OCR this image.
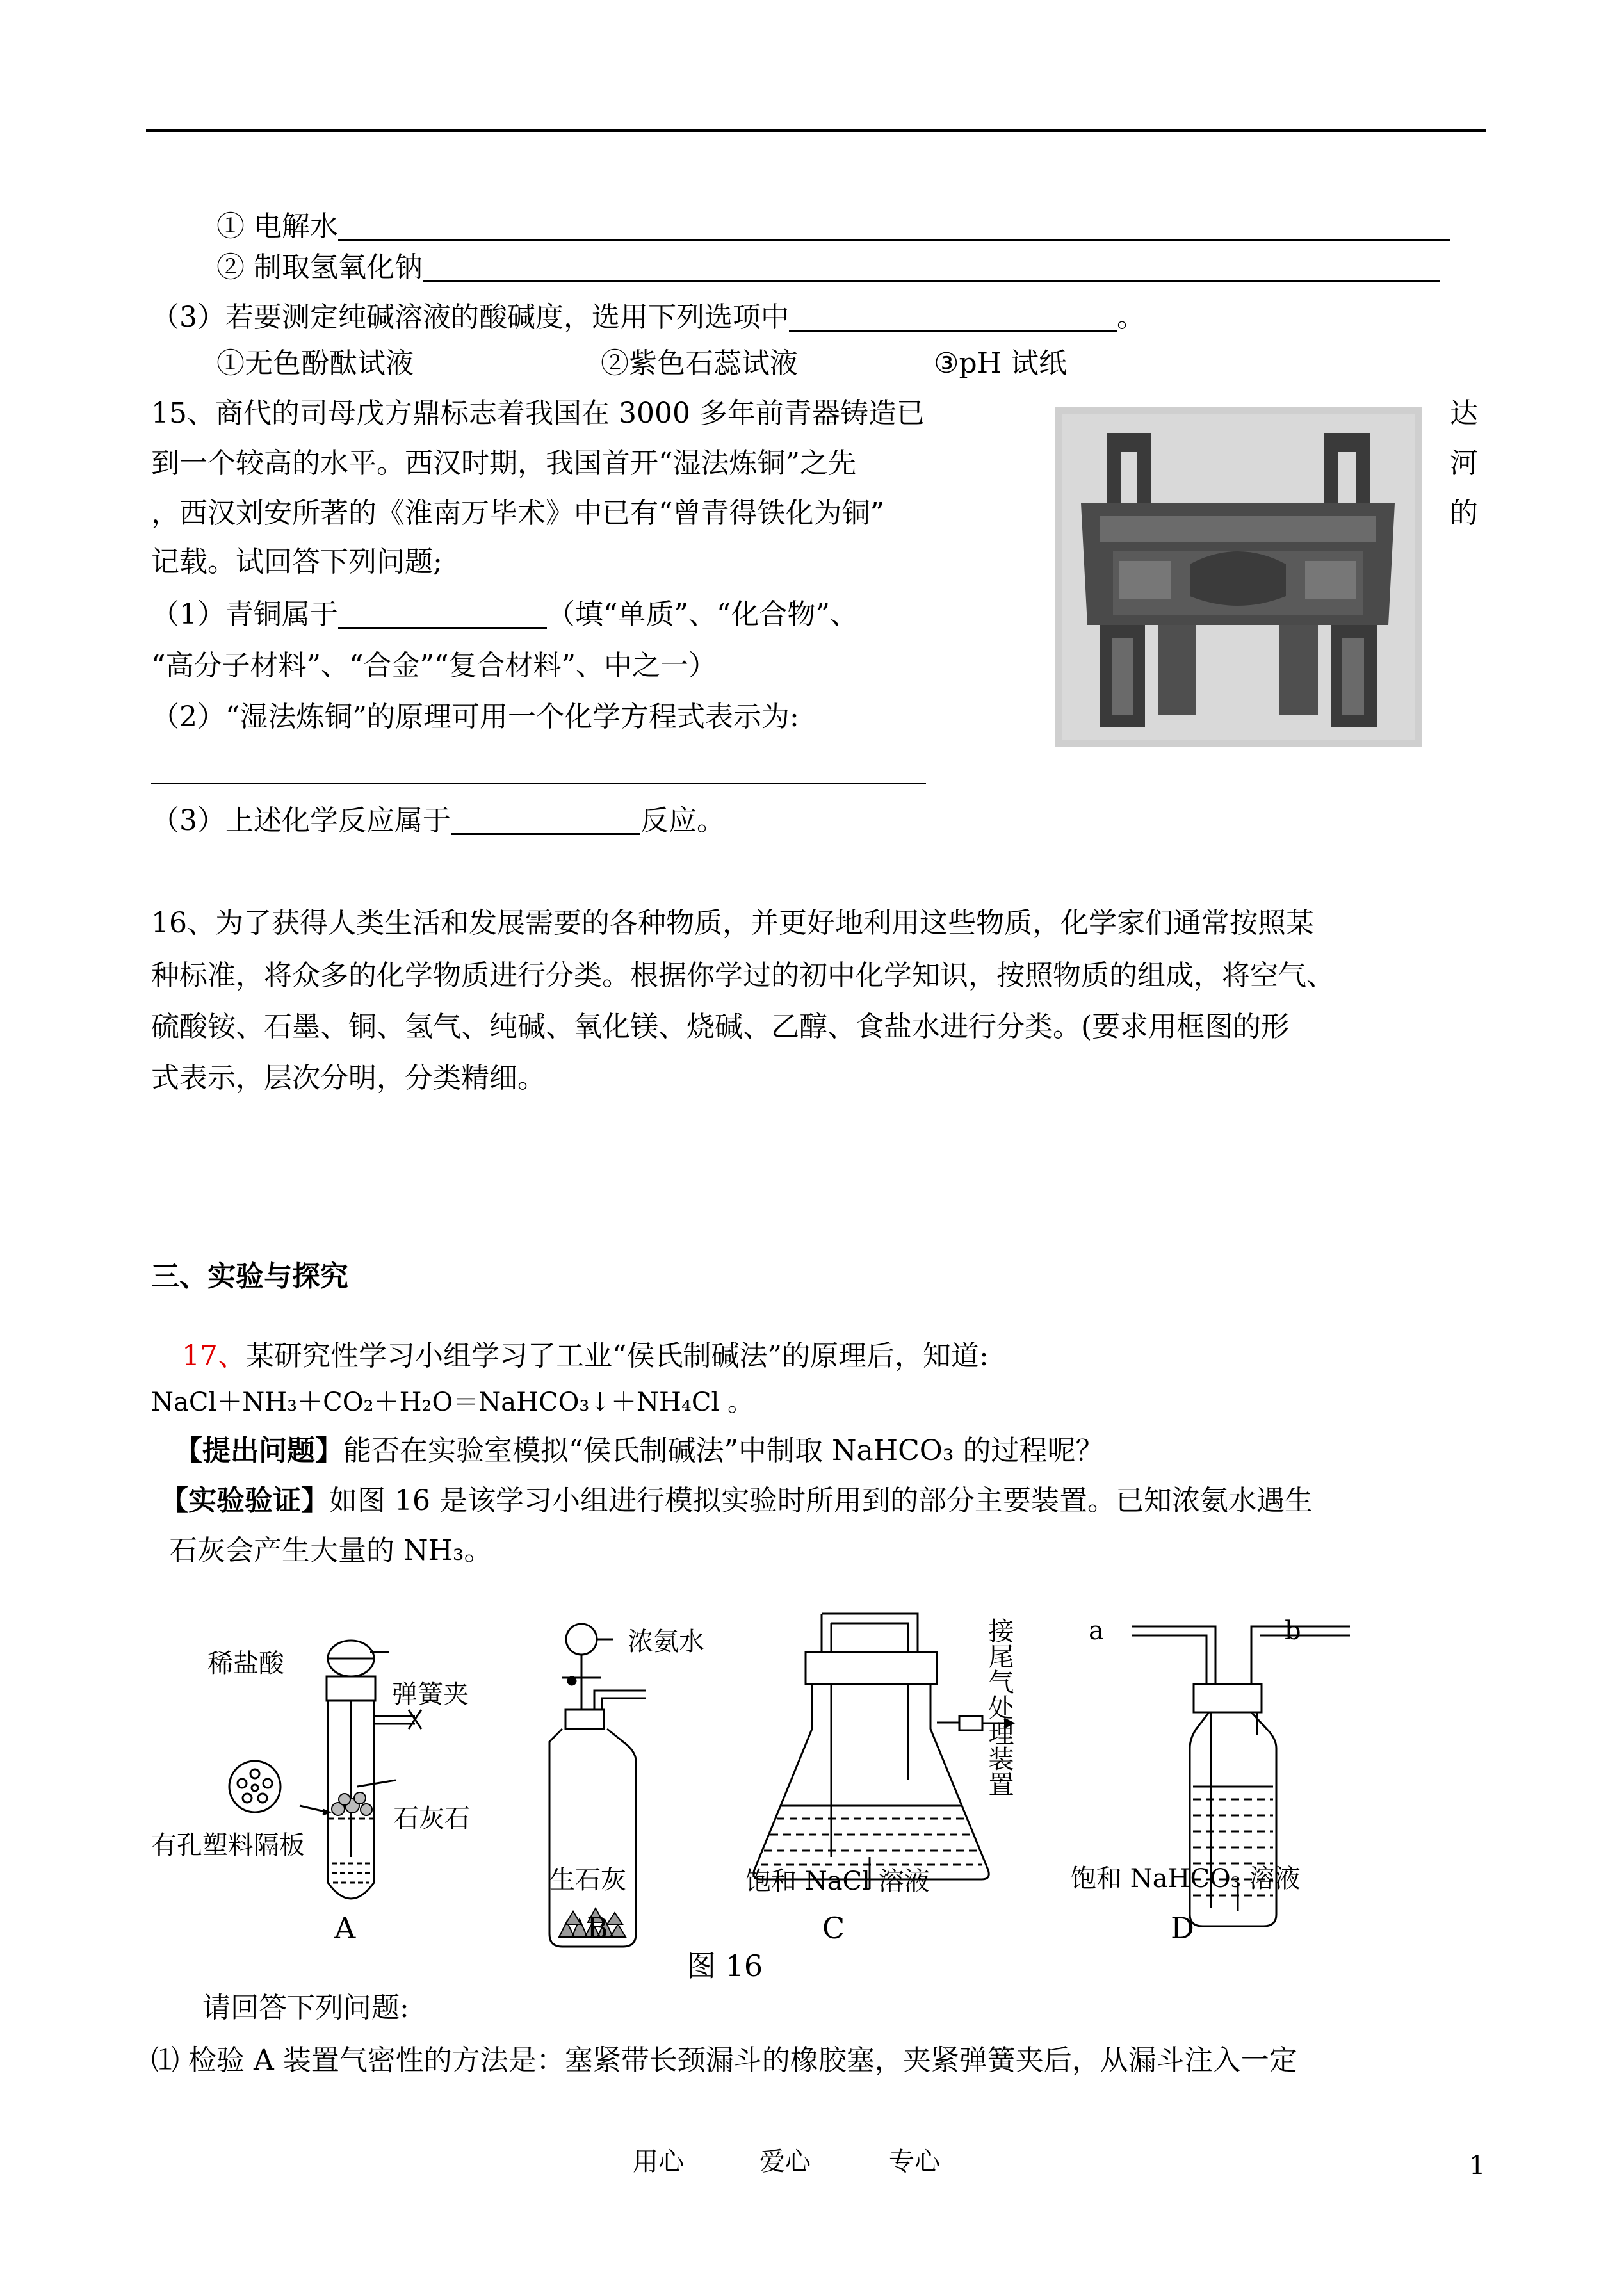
① 电解水
② 制取氢氧化钠
（3）若要测定纯碱溶液的酸碱度，选用下列选项中	。
①无色酚酞试液	②紫色石蕊试液	③pH 试纸
15、商代的司母戊方鼎标志着我国在 3000 多年前青器铸造已	达
到一个较高的水平。西汉时期，我国首开“湿法炼铜”之先	河
，西汉刘安所著的《淮南万毕术》中已有“曾青得铁化为铜”	的
记载。试回答下列问题;
（1）青铜属于	（填“单质”、“化合物”、
“高分子材料”、“合金”“复合材料”、中之一）
（2）“湿法炼铜”的原理可用一个化学方程式表示为:
（3）上述化学反应属于	反应。
16、为了获得人类生活和发展需要的各种物质，并更好地利用这些物质，化学家们通常按照某
种标准，将众多的化学物质进行分类。根据你学过的初中化学知识，按照物质的组成，将空气、
硫酸铵、石墨、铜、氢气、纯碱、氧化镁、烧碱、乙醇、食盐水进行分类。(要求用框图的形
式表示，层次分明，分类精细。
三、实验与探究
17、某研究性学习小组学习了工业“侯氏制碱法”的原理后，知道:
NaCl＋NH₃＋CO₂＋H₂O＝NaHCO₃↓＋NH₄Cl 。
【提出问题】能否在实验室模拟“侯氏制碱法”中制取 NaHCO₃ 的过程呢？
【实验验证】如图 16 是该学习小组进行模拟实验时所用到的部分主要装置。已知浓氨水遇生
石灰会产生大量的 NH₃。
稀盐酸
弹簧夹
石灰石
有孔塑料隔板
浓氨水
生石灰	饱和 NaCl 溶液
接尾气处理装置	a	b
饱和 NaHCO₃ 溶液
A	B	C	D
图 16
请回答下列问题:
⑴ 检验 A 装置气密性的方法是：塞紧带长颈漏斗的橡胶塞，夹紧弹簧夹后，从漏斗注入一定
用心	爱心	专心	1
